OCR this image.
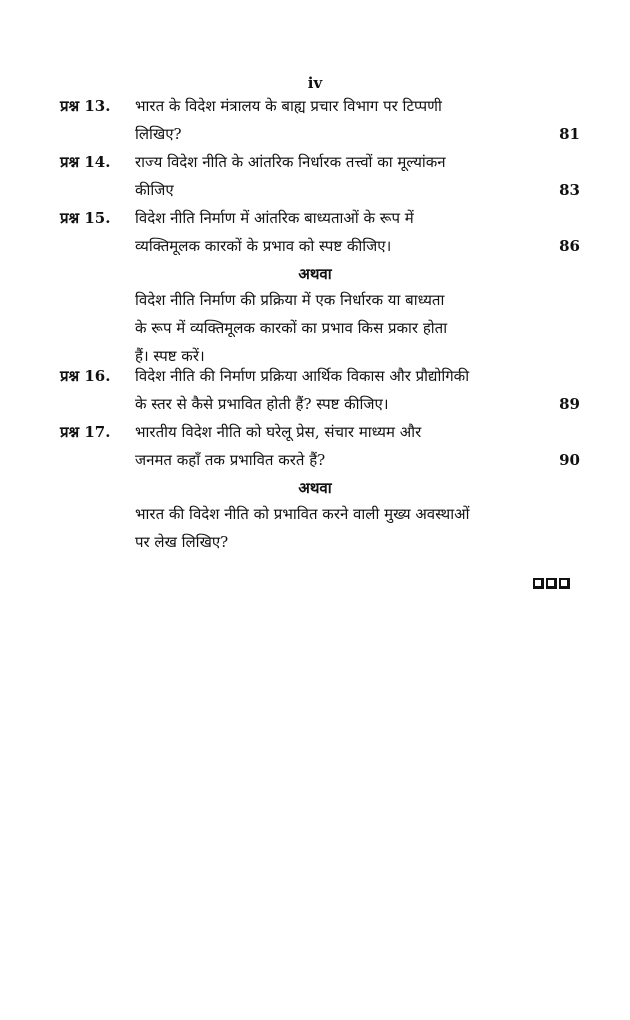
iv
प्रश्न 13.	भारत के विदेश मंत्रालय के बाह्य प्रचार विभाग पर टिप्पणी
लिखिए?	81
प्रश्न 14.	राज्य विदेश नीति के आंतरिक निर्धारक तत्त्वों का मूल्यांकन
कीजिए	83
प्रश्न 15.	विदेश नीति निर्माण में आंतरिक बाध्यताओं के रूप में
व्यक्तिमूलक कारकों के प्रभाव को स्पष्ट कीजिए।	86
अथवा
विदेश नीति निर्माण की प्रक्रिया में एक निर्धारक या बाध्यता
के रूप में व्यक्तिमूलक कारकों का प्रभाव किस प्रकार होता
हैं। स्पष्ट करें।
प्रश्न 16.	विदेश नीति की निर्माण प्रक्रिया आर्थिक विकास और प्रौद्योगिकी
के स्तर से कैसे प्रभावित होती हैं? स्पष्ट कीजिए।	89
प्रश्न 17.	भारतीय विदेश नीति को घरेलू प्रेस, संचार माध्यम और
जनमत कहाँ तक प्रभावित करते हैं?	90
अथवा
भारत की विदेश नीति को प्रभावित करने वाली मुख्य अवस्थाओं
पर लेख लिखिए?
